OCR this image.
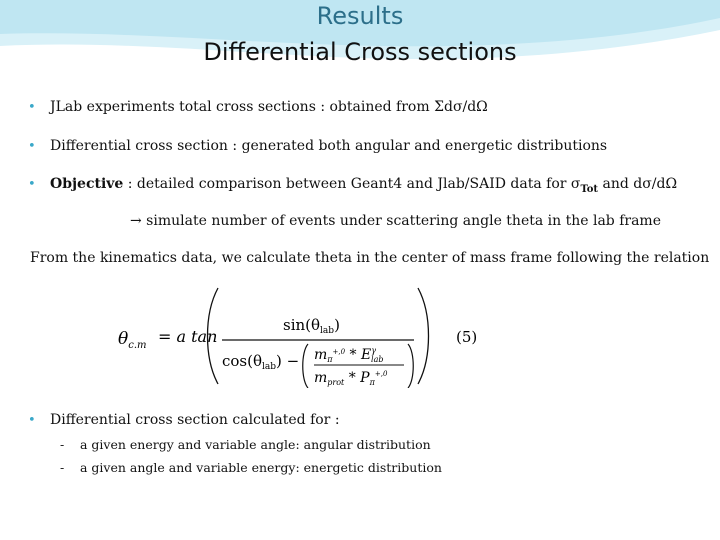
Results
Differential Cross sections
• JLab experiments total cross sections : obtained from Σdσ/dΩ
• Differential cross section : generated both angular and energetic distributions
• Objective : detailed comparison between Geant4 and Jlab/SAID data for $\sigma_{Tot}$ and dσ/dΩ
→ simulate number of events under scattering angle theta in the lab frame
From the kinematics data, we calculate theta in the center of mass frame following the relation
$\theta_{c.m} = a$ tan
$\sin(\theta_{lab})$
$\cos(\theta_{lab}) - m_\pi^{+,0} * E^\gamma$ lab
$m_{prot} * P_\pi^{+,0}$
(5)
• Differential cross section calculated for :
- a given energy and variable angle: angular distribution
- a given angle and variable energy: energetic distribution
